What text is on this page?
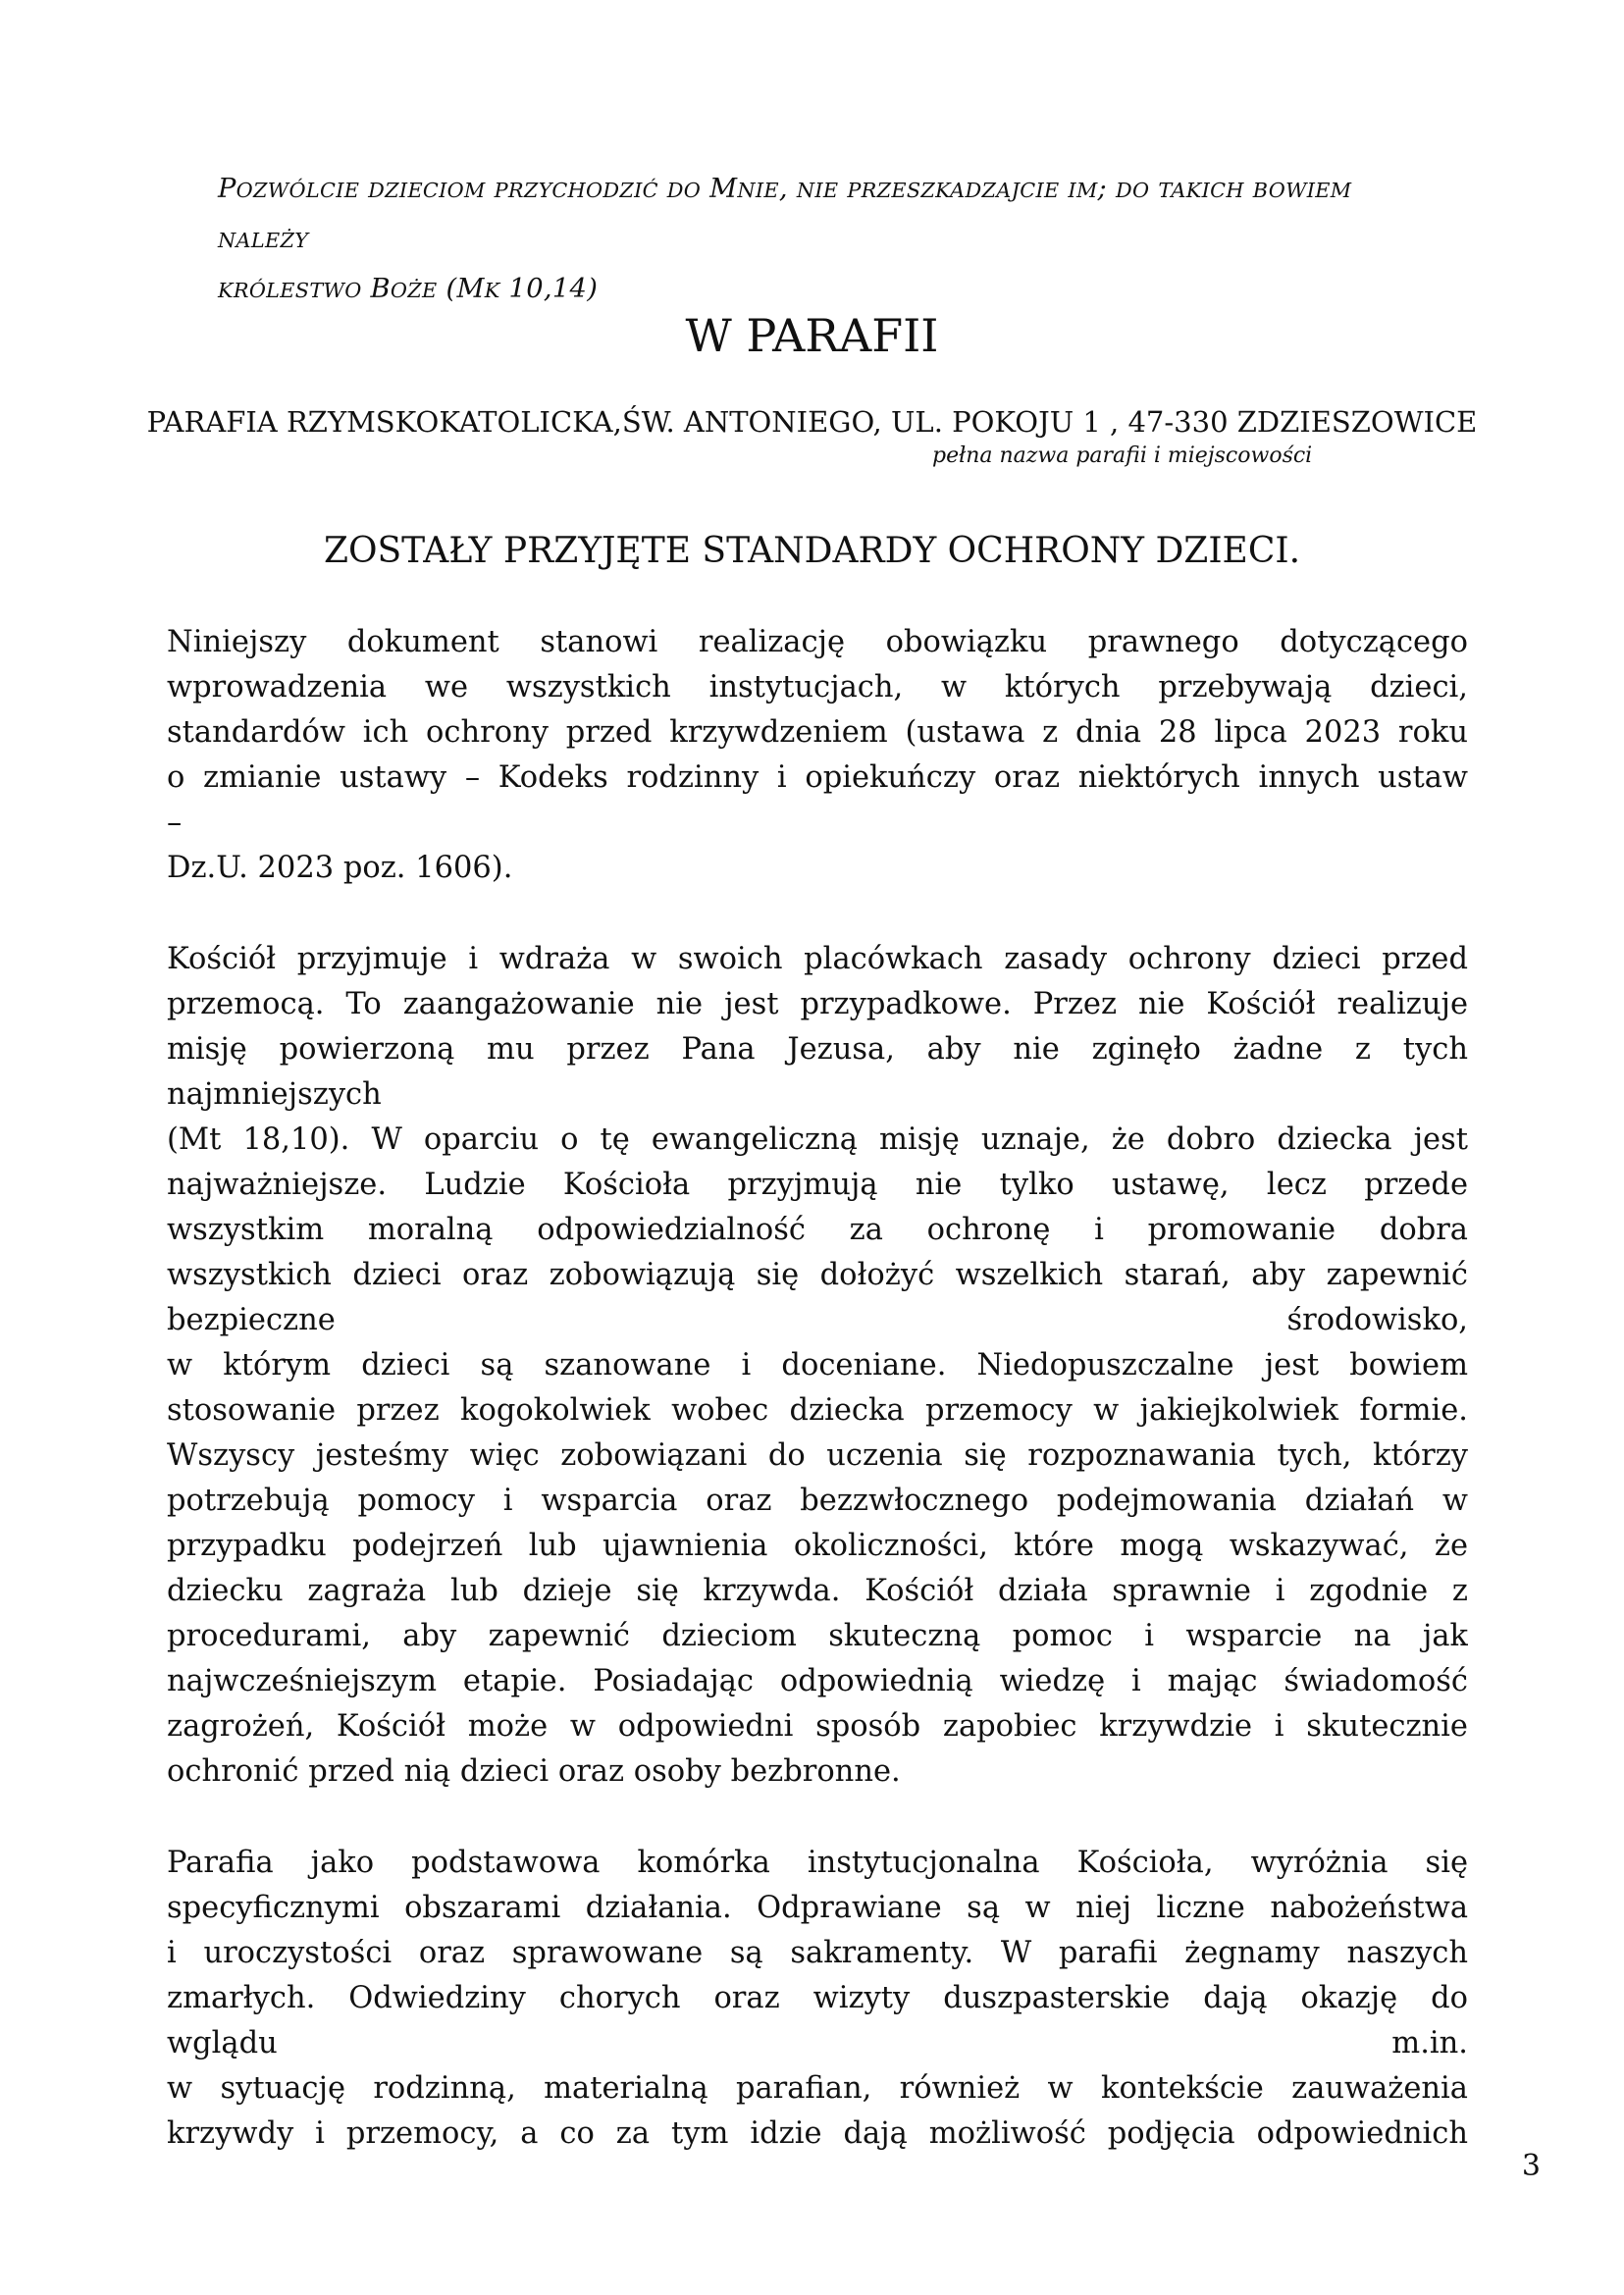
POZWÓLCIE DZIECIOM PRZYCHODZIĆ DO MNIE, NIE PRZESZKADZAJCIE IM; DO TAKICH BOWIEM NALEŻY
KRÓLESTWO BOŻE (MK 10,14)
W PARAFII
PARAFIA RZYMSKOKATOLICKA,ŚW. ANTONIEGO, UL. POKOJU 1 , 47-330 ZDZIESZOWICE
pełna nazwa parafii i miejscowości
ZOSTAŁY PRZYJĘTE STANDARDY OCHRONY DZIECI.
Niniejszy dokument stanowi realizację obowiązku prawnego dotyczącego
wprowadzenia we wszystkich instytucjach, w których przebywają dzieci,
standardów ich ochrony przed krzywdzeniem (ustawa z dnia 28 lipca 2023 roku
o zmianie ustawy – Kodeks rodzinny i opiekuńczy oraz niektórych innych ustaw
–
Dz.U. 2023 poz. 1606).
Kościół przyjmuje i wdraża w swoich placówkach zasady ochrony dzieci przed
przemocą. To zaangażowanie nie jest przypadkowe. Przez nie Kościół realizuje
misję powierzoną mu przez Pana Jezusa, aby nie zginęło żadne z tych
najmniejszych
(Mt 18,10). W oparciu o tę ewangeliczną misję uznaje, że dobro dziecka jest
najważniejsze. Ludzie Kościoła przyjmują nie tylko ustawę, lecz przede
wszystkim moralną odpowiedzialność za ochronę i promowanie dobra
wszystkich dzieci oraz zobowiązują się dołożyć wszelkich starań, aby zapewnić
bezpieczne środowisko,
w którym dzieci są szanowane i doceniane. Niedopuszczalne jest bowiem
stosowanie przez kogokolwiek wobec dziecka przemocy w jakiejkolwiek formie.
Wszyscy jesteśmy więc zobowiązani do uczenia się rozpoznawania tych, którzy
potrzebują pomocy i wsparcia oraz bezzwłocznego podejmowania działań w
przypadku podejrzeń lub ujawnienia okoliczności, które mogą wskazywać, że
dziecku zagraża lub dzieje się krzywda. Kościół działa sprawnie i zgodnie z
procedurami, aby zapewnić dzieciom skuteczną pomoc i wsparcie na jak
najwcześniejszym etapie. Posiadając odpowiednią wiedzę i mając świadomość
zagrożeń, Kościół może w odpowiedni sposób zapobiec krzywdzie i skutecznie
ochronić przed nią dzieci oraz osoby bezbronne.
Parafia jako podstawowa komórka instytucjonalna Kościoła, wyróżnia się
specyficznymi obszarami działania. Odprawiane są w niej liczne nabożeństwa
i uroczystości oraz sprawowane są sakramenty. W parafii żegnamy naszych
zmarłych. Odwiedziny chorych oraz wizyty duszpasterskie dają okazję do
wglądu m.in.
w sytuację rodzinną, materialną parafian, również w kontekście zauważenia
krzywdy i przemocy, a co za tym idzie dają możliwość podjęcia odpowiednich
3
